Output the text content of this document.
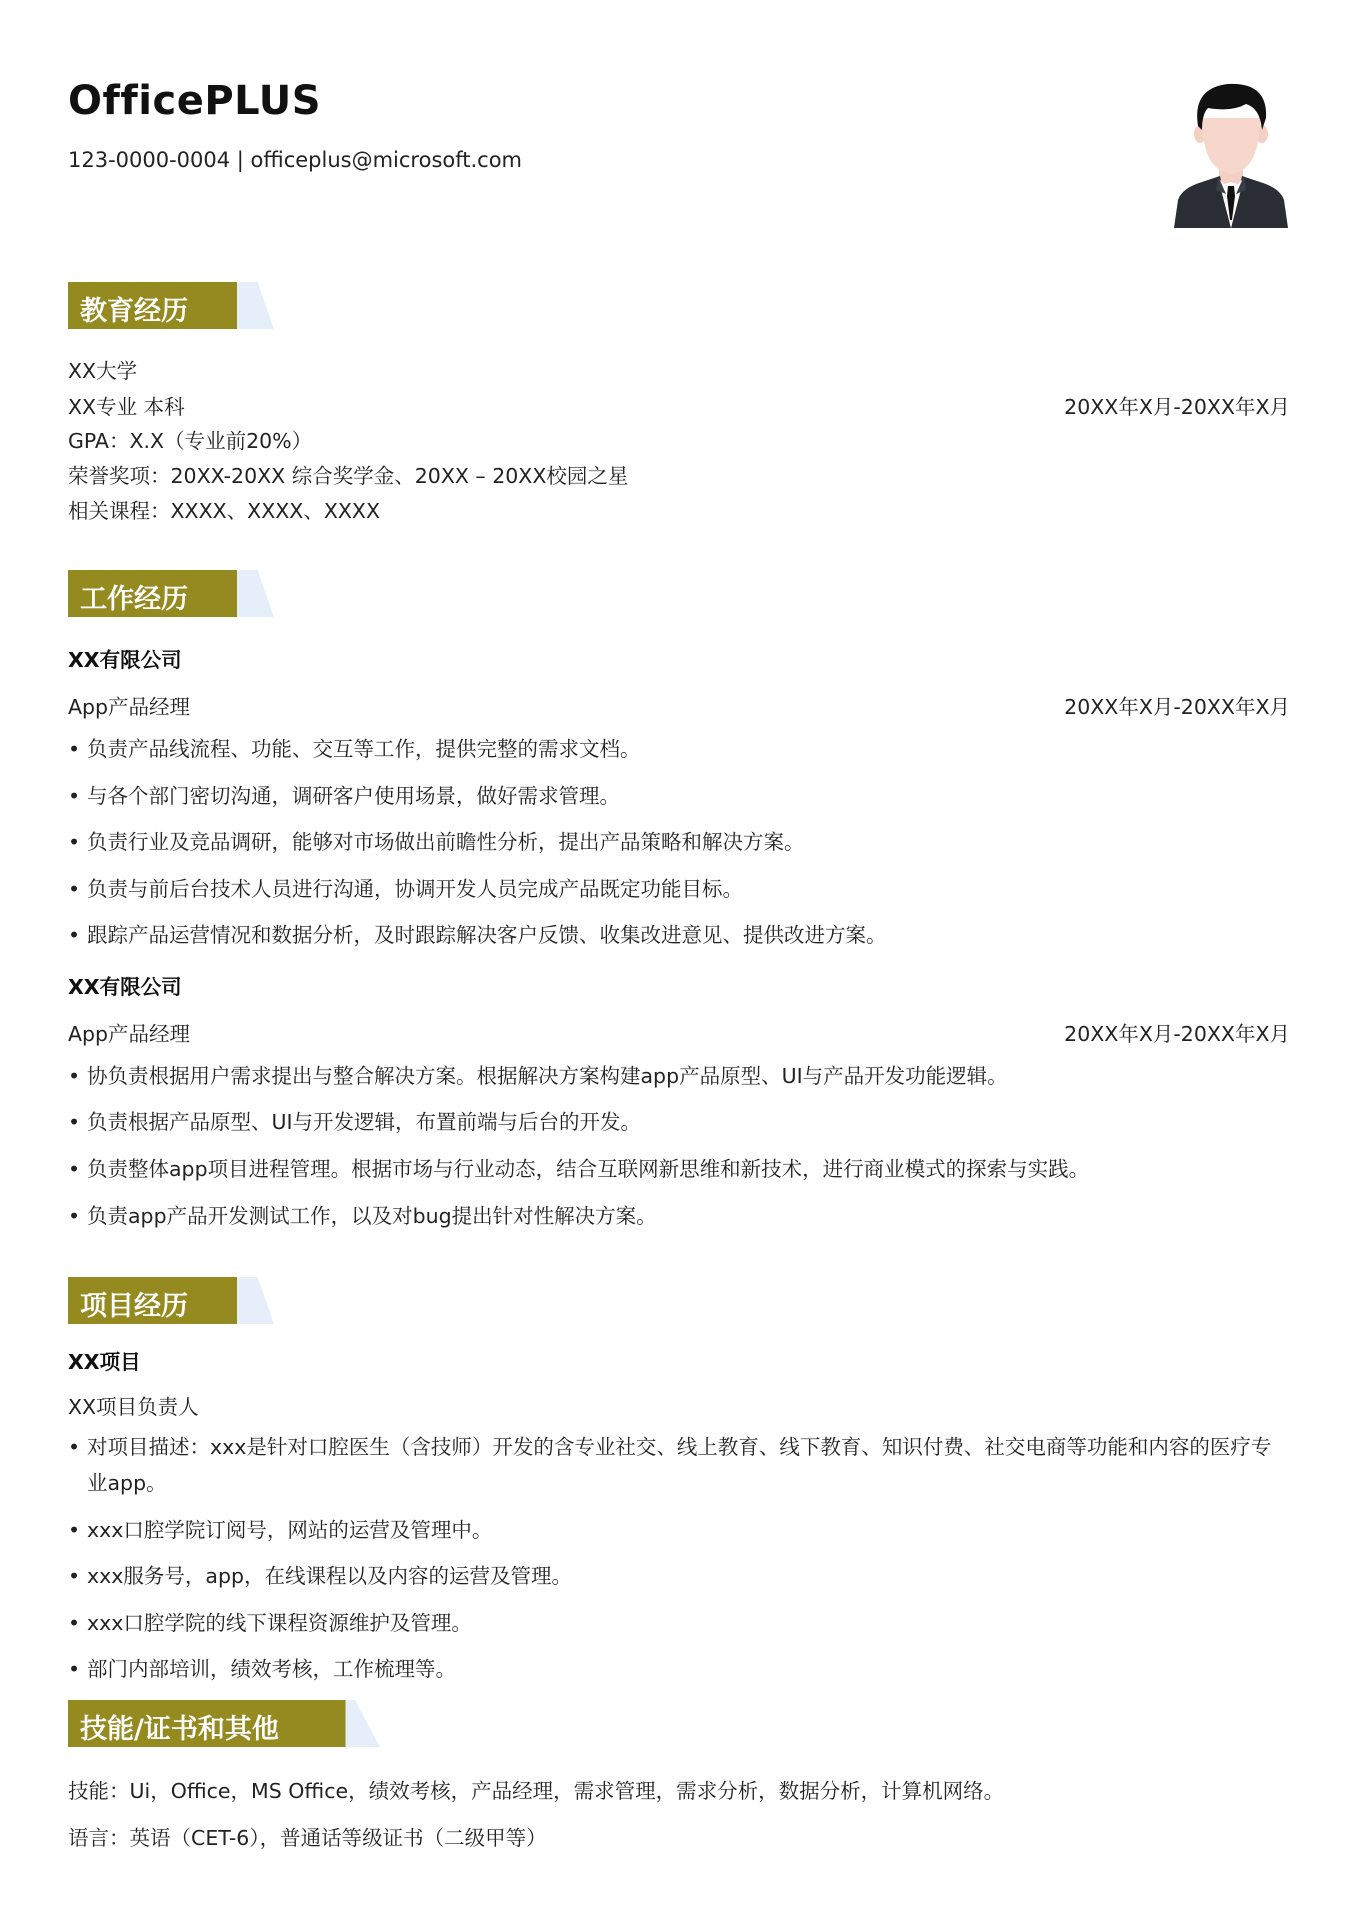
OfficePLUS
123-0000-0004 | officeplus@microsoft.com
教育经历
XX大学
XX专业 本科	20XX年X月-20XX年X月
GPA：X.X（专业前20%）
荣誉奖项：20XX-20XX 综合奖学金、20XX – 20XX校园之星
相关课程：XXXX、XXXX、XXXX
工作经历
XX有限公司
App产品经理	20XX年X月-20XX年X月
• 负责产品线流程、功能、交互等工作，提供完整的需求文档。
• 与各个部门密切沟通，调研客户使用场景，做好需求管理。
• 负责行业及竞品调研，能够对市场做出前瞻性分析，提出产品策略和解决方案。
• 负责与前后台技术人员进行沟通，协调开发人员完成产品既定功能目标。
• 跟踪产品运营情况和数据分析，及时跟踪解决客户反馈、收集改进意见、提供改进方案。
XX有限公司
App产品经理	20XX年X月-20XX年X月
• 协负责根据用户需求提出与整合解决方案。根据解决方案构建app产品原型、UI与产品开发功能逻辑。
• 负责根据产品原型、UI与开发逻辑，布置前端与后台的开发。
• 负责整体app项目进程管理。根据市场与行业动态，结合互联网新思维和新技术，进行商业模式的探索与实践。
• 负责app产品开发测试工作，以及对bug提出针对性解决方案。
项目经历
XX项目
XX项目负责人
• 对项目描述：xxx是针对口腔医生（含技师）开发的含专业社交、线上教育、线下教育、知识付费、社交电商等功能和内容的医疗专业app。
• xxx口腔学院订阅号，网站的运营及管理中。
• xxx服务号，app，在线课程以及内容的运营及管理。
• xxx口腔学院的线下课程资源维护及管理。
• 部门内部培训，绩效考核，工作梳理等。
技能/证书和其他
技能：Ui，Office，MS Office，绩效考核，产品经理，需求管理，需求分析，数据分析，计算机网络。
语言：英语（CET-6），普通话等级证书（二级甲等）
